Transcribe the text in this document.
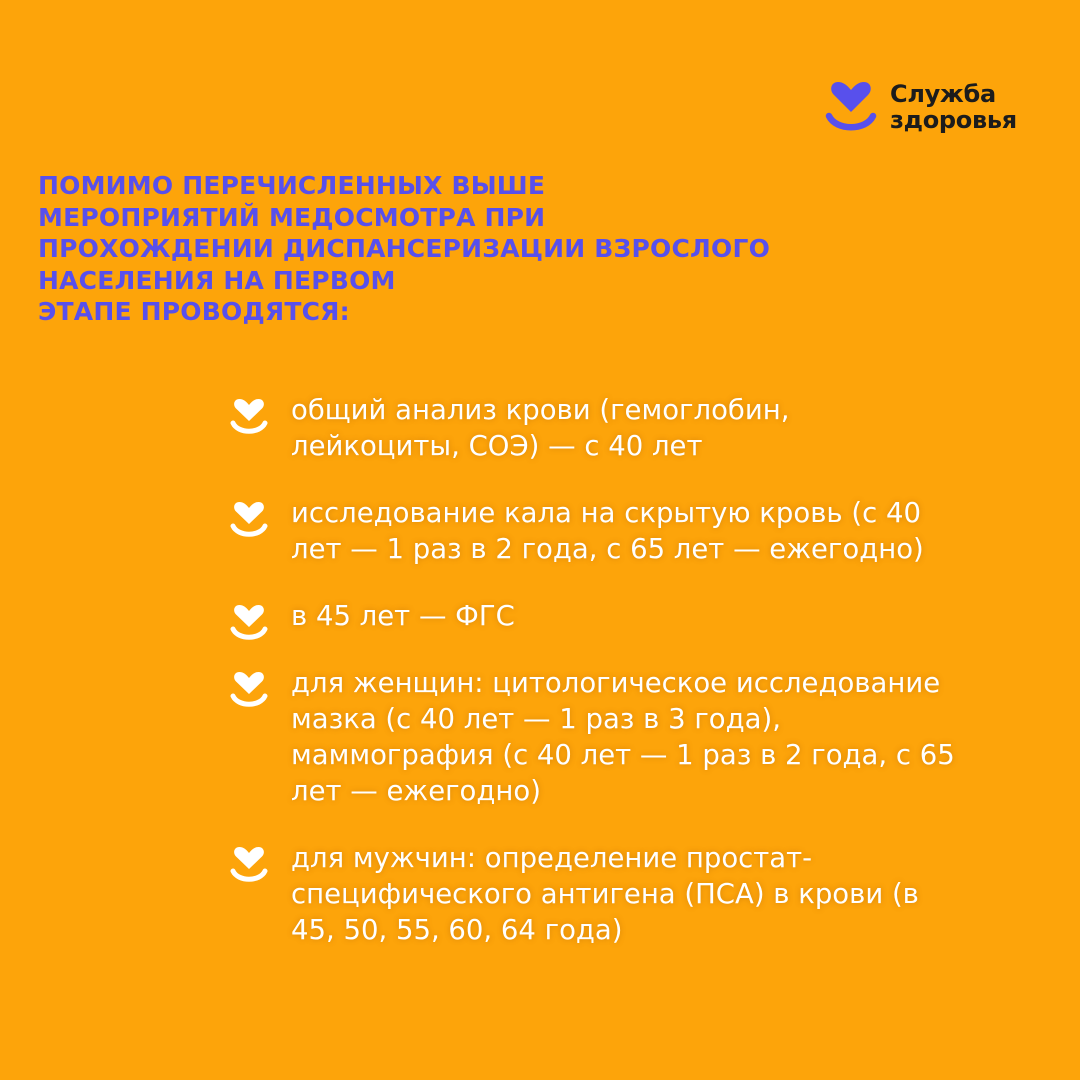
Служба
здоровья
ПОМИМО ПЕРЕЧИСЛЕННЫХ ВЫШЕ
МЕРОПРИЯТИЙ МЕДОСМОТРА ПРИ
ПРОХОЖДЕНИИ ДИСПАНСЕРИЗАЦИИ ВЗРОСЛОГО
НАСЕЛЕНИЯ НА ПЕРВОМ
ЭТАПЕ ПРОВОДЯТСЯ:
общий анализ крови (гемоглобин,
лейкоциты, СОЭ) — с 40 лет
исследование кала на скрытую кровь (с 40
лет — 1 раз в 2 года, с 65 лет — ежегодно)
в 45 лет — ФГС
для женщин: цитологическое исследование
мазка (с 40 лет — 1 раз в 3 года),
маммография (с 40 лет — 1 раз в 2 года, с 65
лет — ежегодно)
для мужчин: определение простат-
специфического антигена (ПСА) в крови (в
45, 50, 55, 60, 64 года)
